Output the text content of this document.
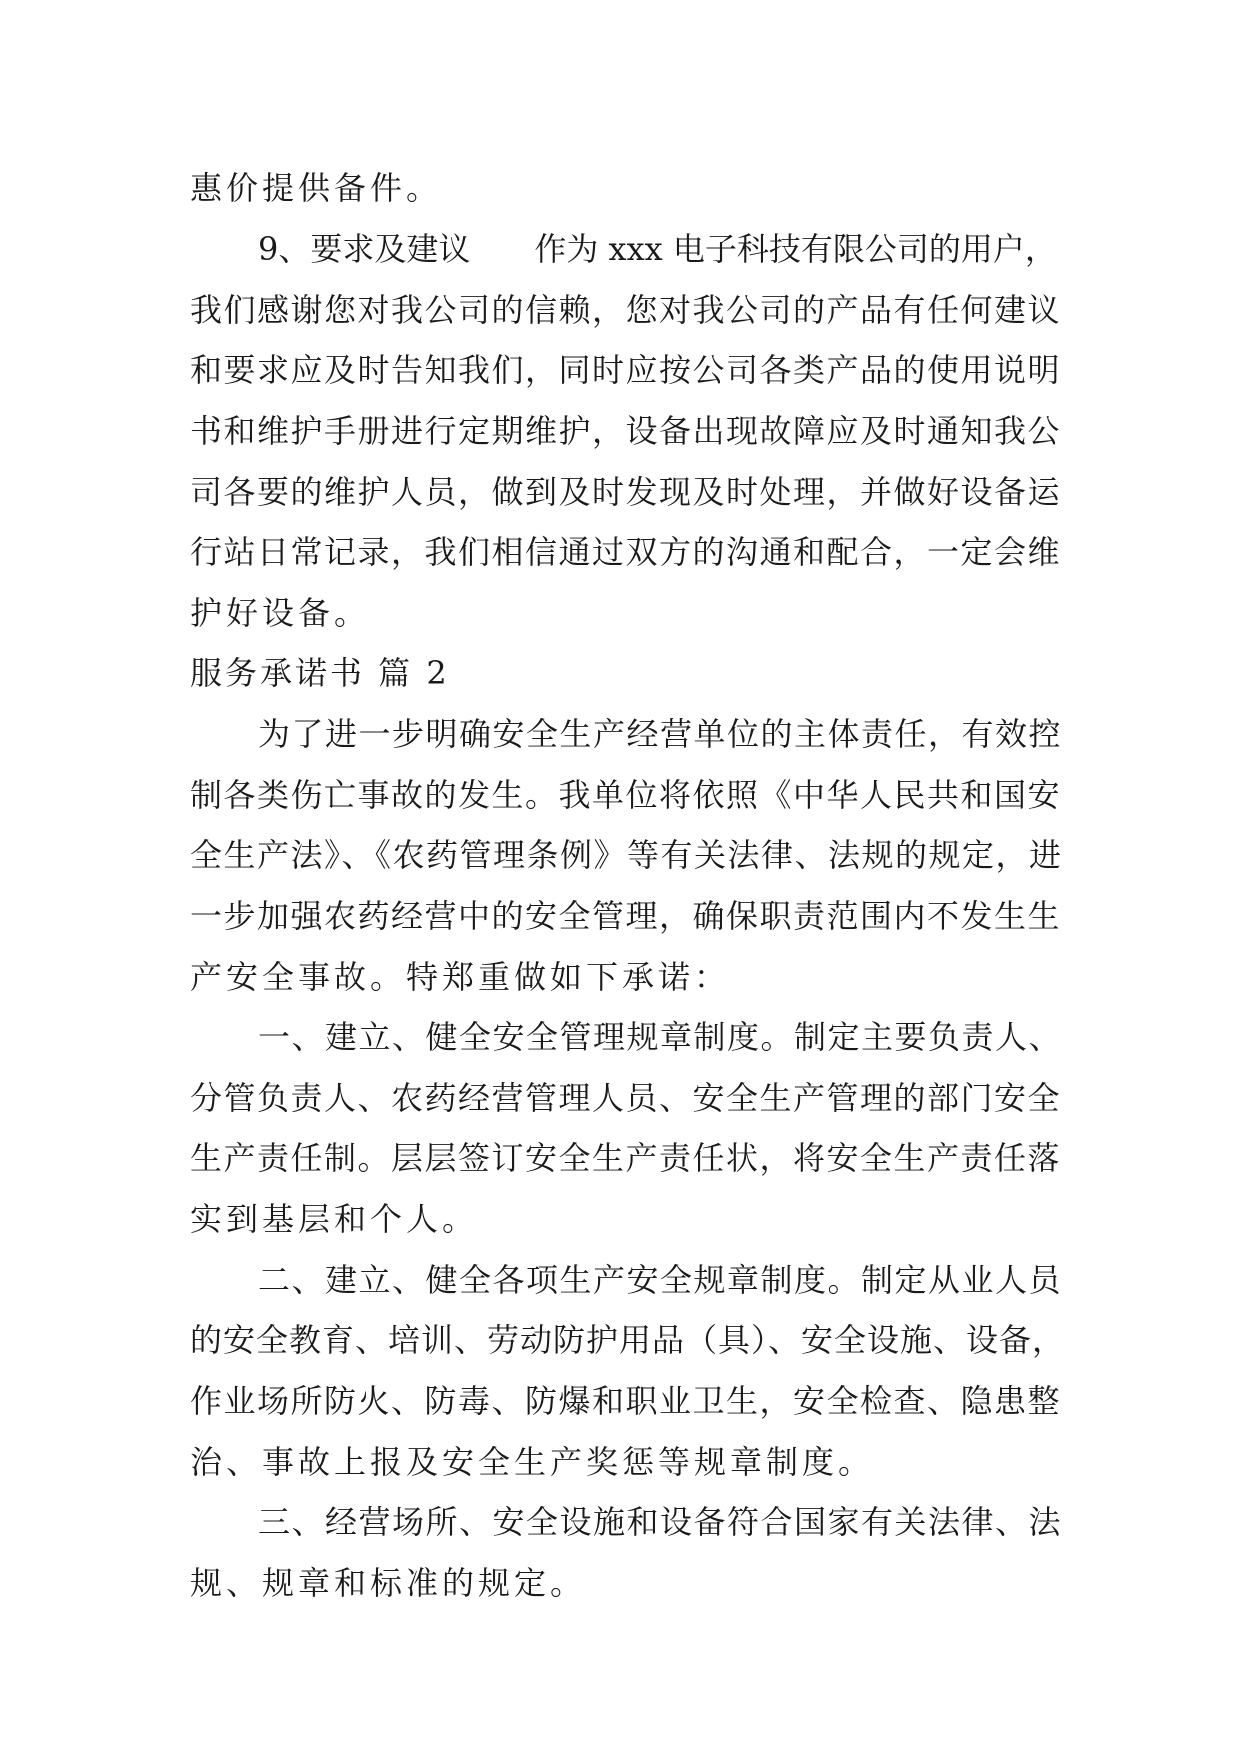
惠价提供备件。
9、要求及建议　　作为 xxx 电子科技有限公司的用户，
我们感谢您对我公司的信赖，您对我公司的产品有任何建议
和要求应及时告知我们，同时应按公司各类产品的使用说明
书和维护手册进行定期维护，设备出现故障应及时通知我公
司各要的维护人员，做到及时发现及时处理，并做好设备运
行站日常记录，我们相信通过双方的沟通和配合，一定会维
护好设备。
服务承诺书 篇 2
为了进一步明确安全生产经营单位的主体责任，有效控
制各类伤亡事故的发生。我单位将依照《中华人民共和国安
全生产法》、《农药管理条例》等有关法律、法规的规定，进
一步加强农药经营中的安全管理，确保职责范围内不发生生
产安全事故。特郑重做如下承诺：
一、建立、健全安全管理规章制度。制定主要负责人、
分管负责人、农药经营管理人员、安全生产管理的部门安全
生产责任制。层层签订安全生产责任状，将安全生产责任落
实到基层和个人。
二、建立、健全各项生产安全规章制度。制定从业人员
的安全教育、培训、劳动防护用品（具）、安全设施、设备，
作业场所防火、防毒、防爆和职业卫生，安全检查、隐患整
治、事故上报及安全生产奖惩等规章制度。
三、经营场所、安全设施和设备符合国家有关法律、法
规、规章和标准的规定。
